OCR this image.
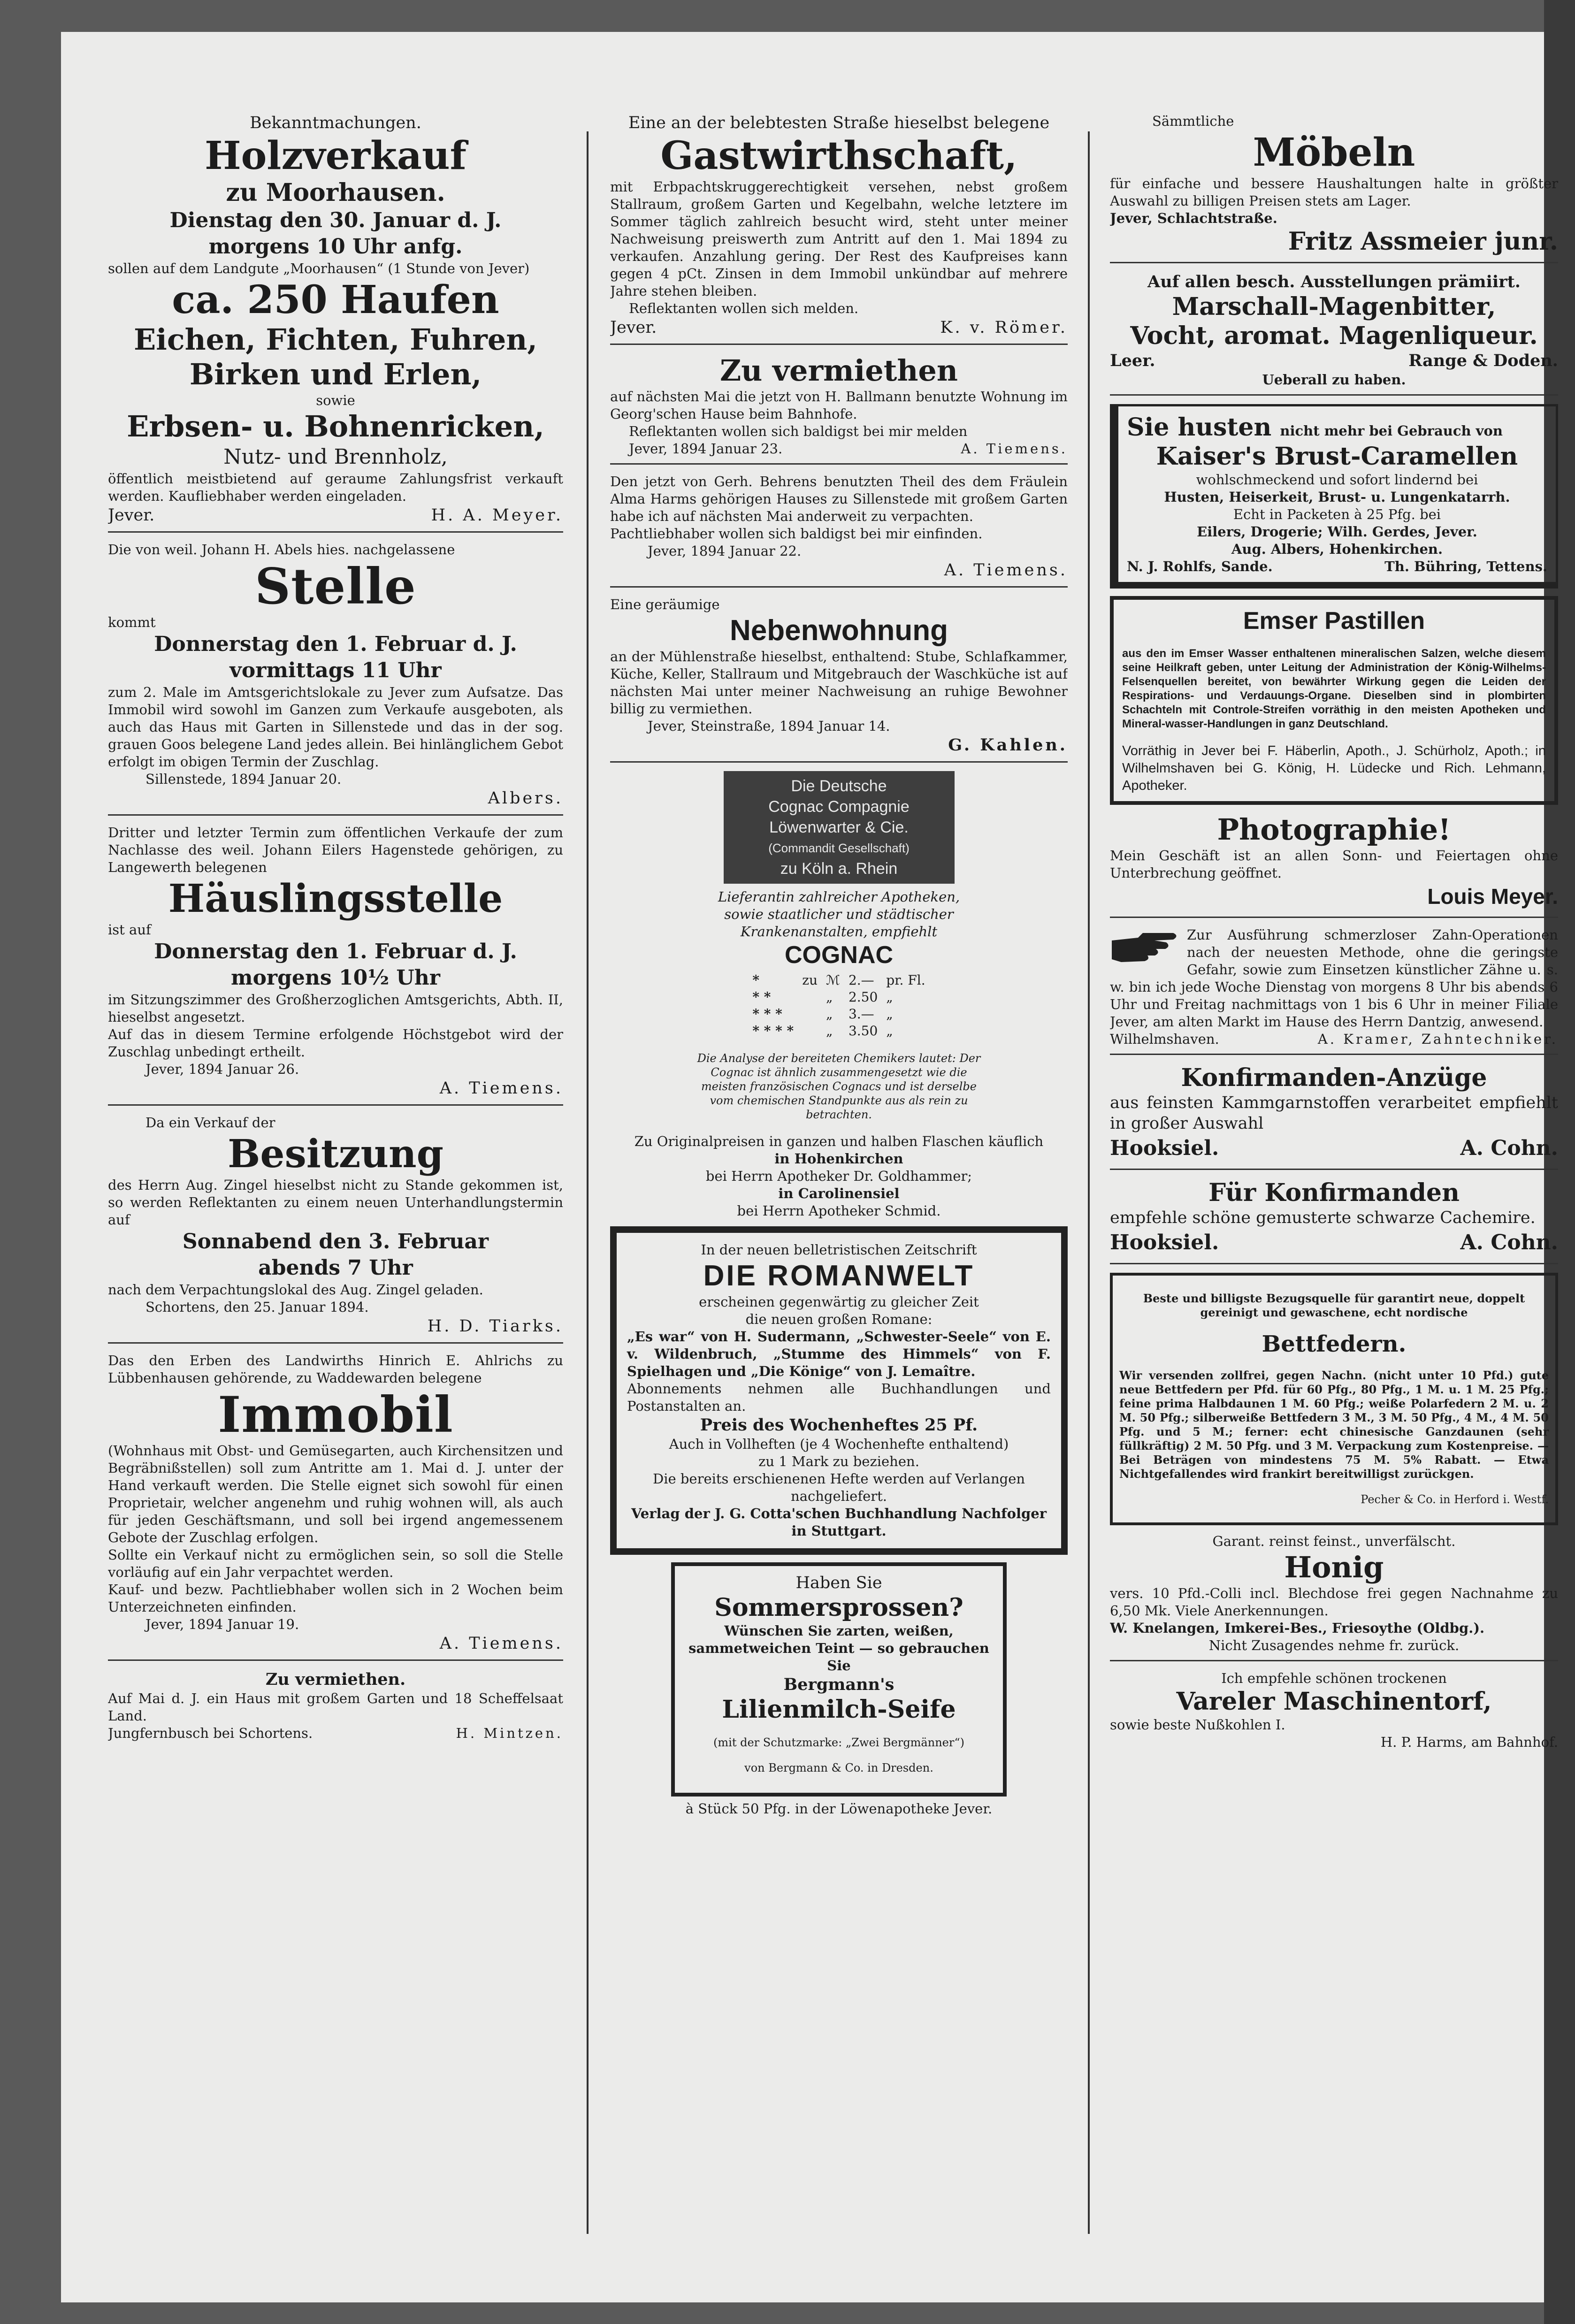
Bekanntmachungen.

Holzverkauf

zu Moorhausen.

Dienstag den 30. Januar d. J.

morgens 10 Uhr anfg.

sollen auf dem Landgute „Moorhausen“ (1 Stunde von Jever)

ca. 250 Haufen

Eichen, Fichten, Fuhren,

Birken und Erlen,

sowie

Erbsen- u. Bohnenricken,

Nutz- und Brennholz,

öffentlich meistbietend auf geraume Zahlungsfrist verkauft werden. Kaufliebhaber werden eingeladen.

Jever.	H. A. Meyer.

Die von weil. Johann H. Abels hies. nachgelassene

Stelle

kommt

Donnerstag den 1. Februar d. J.

vormittags 11 Uhr

zum 2. Male im Amtsgerichtslokale zu Jever zum Aufsatze. Das Immobil wird sowohl im Ganzen zum Verkaufe ausgeboten, als auch das Haus mit Garten in Sillenstede und das in der sog. grauen Goos belegene Land jedes allein. Bei hinlänglichem Gebot erfolgt im obigen Termin der Zuschlag.

Sillenstede, 1894 Januar 20.

Albers.

Dritter und letzter Termin zum öffentlichen Verkaufe der zum Nachlasse des weil. Johann Eilers Hagenstede gehörigen, zu Langewerth belegenen

Häuslingsstelle

ist auf

Donnerstag den 1. Februar d. J.

morgens 10½ Uhr

im Sitzungszimmer des Großherzoglichen Amtsgerichts, Abth. II, hieselbst angesetzt.

Auf das in diesem Termine erfolgende Höchstgebot wird der Zuschlag unbedingt ertheilt.

Jever, 1894 Januar 26.

A. Tiemens.

Da ein Verkauf der

Besitzung

des Herrn Aug. Zingel hieselbst nicht zu Stande gekommen ist, so werden Reflektanten zu einem neuen Unterhandlungstermin auf

Sonnabend den 3. Februar

abends 7 Uhr

nach dem Verpachtungslokal des Aug. Zingel geladen.

Schortens, den 25. Januar 1894.

H. D. Tiarks.

Das den Erben des Landwirths Hinrich E. Ahlrichs zu Lübbenhausen gehörende, zu Waddewarden belegene

Immobil

(Wohnhaus mit Obst- und Gemüsegarten, auch Kirchensitzen und Begräbnißstellen) soll zum Antritte am 1. Mai d. J. unter der Hand verkauft werden. Die Stelle eignet sich sowohl für einen Proprietair, welcher angenehm und ruhig wohnen will, als auch für jeden Geschäftsmann, und soll bei irgend angemessenem Gebote der Zuschlag erfolgen.

Sollte ein Verkauf nicht zu ermöglichen sein, so soll die Stelle vorläufig auf ein Jahr verpachtet werden.

Kauf- und bezw. Pachtliebhaber wollen sich in 2 Wochen beim Unterzeichneten einfinden.

Jever, 1894 Januar 19.

A. Tiemens.

Zu vermiethen.

Auf Mai d. J. ein Haus mit großem Garten und 18 Scheffelsaat Land.

Jungfernbusch bei Schortens.	H. Mintzen.

Eine an der belebtesten Straße hieselbst belegene

Gastwirthschaft,

mit Erbpachtskruggerechtigkeit versehen, nebst großem Stallraum, großem Garten und Kegelbahn, welche letztere im Sommer täglich zahlreich besucht wird, steht unter meiner Nachweisung preiswerth zum Antritt auf den 1. Mai 1894 zu verkaufen. Anzahlung gering. Der Rest des Kaufpreises kann gegen 4 pCt. Zinsen in dem Immobil unkündbar auf mehrere Jahre stehen bleiben.

Reflektanten wollen sich melden.

Jever.	K. v. Römer.

Zu vermiethen

auf nächsten Mai die jetzt von H. Ballmann benutzte Wohnung im Georg'schen Hause beim Bahnhofe.

Reflektanten wollen sich baldigst bei mir melden

Jever, 1894 Januar 23.	A. Tiemens.

Den jetzt von Gerh. Behrens benutzten Theil des dem Fräulein Alma Harms gehörigen Hauses zu Sillenstede mit großem Garten habe ich auf nächsten Mai anderweit zu verpachten.

Pachtliebhaber wollen sich baldigst bei mir einfinden.

Jever, 1894 Januar 22.

A. Tiemens.

Eine geräumige

Nebenwohnung

an der Mühlenstraße hieselbst, enthaltend: Stube, Schlafkammer, Küche, Keller, Stallraum und Mitgebrauch der Waschküche ist auf nächsten Mai unter meiner Nachweisung an ruhige Bewohner billig zu vermiethen.

Jever, Steinstraße, 1894 Januar 14.

G. Kahlen.

Die Deutsche
Cognac Compagnie
Löwenwarter & Cie.
(Commandit Gesellschaft)
zu Köln a. Rhein

Lieferantin zahlreicher Apotheken,

sowie staatlicher und städtischer

Krankenanstalten, empfiehlt

COGNAC

*	zu	ℳ	2.—	pr. Fl.
* *		„	2.50	„
* * *		„	3.—	„
* * * *		„	3.50	„

Die Analyse der bereiteten Chemikers lautet: Der Cognac ist ähnlich zusammengesetzt wie die meisten französischen Cognacs und ist derselbe vom chemischen Standpunkte aus als rein zu betrachten.

Zu Originalpreisen in ganzen und halben Flaschen käuflich

in Hohenkirchen

bei Herrn Apotheker Dr. Goldhammer;

in Carolinensiel

bei Herrn Apotheker Schmid.

In der neuen belletristischen Zeitschrift

DIE ROMANWELT

erscheinen gegenwärtig zu gleicher Zeit

die neuen großen Romane:

„Es war“ von H. Sudermann, „Schwester-Seele“ von E. v. Wildenbruch, „Stumme des Himmels“ von F. Spielhagen und „Die Könige“ von J. Lemaître.

Abonnements nehmen alle Buchhandlungen und Postanstalten an.

Preis des Wochenheftes 25 Pf.

Auch in Vollheften (je 4 Wochenhefte enthaltend)

zu 1 Mark zu beziehen.

Die bereits erschienenen Hefte werden auf Verlangen nachgeliefert.

Verlag der J. G. Cotta'schen Buchhandlung Nachfolger in Stuttgart.

Haben Sie

Sommersprossen?

Wünschen Sie zarten, weißen, sammetweichen Teint — so gebrauchen Sie

Bergmann's

Lilienmilch-Seife

(mit der Schutzmarke: „Zwei Bergmänner“)

von Bergmann & Co. in Dresden.

à Stück 50 Pfg. in der Löwenapotheke Jever.

Sämmtliche

Möbeln

für einfache und bessere Haushaltungen halte in größter Auswahl zu billigen Preisen stets am Lager.

Jever, Schlachtstraße.

Fritz Assmeier junr.

Auf allen besch. Ausstellungen prämiirt.

Marschall-Magenbitter,

Vocht, aromat. Magenliqueur.

Leer.	Range & Doden.

Ueberall zu haben.

Sie husten nicht mehr bei Gebrauch von

Kaiser's Brust-Caramellen

wohlschmeckend und sofort lindernd bei

Husten, Heiserkeit, Brust- u. Lungenkatarrh.

Echt in Packeten à 25 Pfg. bei

Eilers, Drogerie; Wilh. Gerdes, Jever.

Aug. Albers, Hohenkirchen.

N. J. Rohlfs, Sande.	Th. Bühring, Tettens.

Emser Pastillen

aus den im Emser Wasser enthaltenen mineralischen Salzen, welche diesem seine Heilkraft geben, unter Leitung der Administration der König-Wilhelms-Felsenquellen bereitet, von bewährter Wirkung gegen die Leiden der Respirations- und Verdauungs-Organe. Dieselben sind in plombirten Schachteln mit Controle-Streifen vorräthig in den meisten Apotheken und Mineral-wasser-Handlungen in ganz Deutschland.

Vorräthig in Jever bei F. Häberlin, Apoth., J. Schürholz, Apoth.; in Wilhelmshaven bei G. König, H. Lüdecke und Rich. Lehmann, Apotheker.

Photographie!

Mein Geschäft ist an allen Sonn- und Feiertagen ohne Unterbrechung geöffnet.

Louis Meyer.

Zur Ausführung schmerzloser Zahn-Operationen nach der neuesten Methode, ohne die geringste Gefahr, sowie zum Einsetzen künstlicher Zähne u. s. w. bin ich jede Woche Dienstag von morgens 8 Uhr bis abends 6 Uhr und Freitag nachmittags von 1 bis 6 Uhr in meiner Filiale Jever, am alten Markt im Hause des Herrn Dantzig, anwesend.

Wilhelmshaven.	A. Kramer, Zahntechniker.

Konfirmanden-Anzüge

aus feinsten Kammgarnstoffen verarbeitet empfiehlt in großer Auswahl

Hooksiel.	A. Cohn.

Für Konfirmanden

empfehle schöne gemusterte schwarze Cachemire.

Hooksiel.	A. Cohn.

Beste und billigste Bezugsquelle für garantirt neue, doppelt gereinigt und gewaschene, echt nordische

Bettfedern.

Wir versenden zollfrei, gegen Nachn. (nicht unter 10 Pfd.) gute neue Bettfedern per Pfd. für 60 Pfg., 80 Pfg., 1 M. u. 1 M. 25 Pfg.; feine prima Halbdaunen 1 M. 60 Pfg.; weiße Polarfedern 2 M. u. 2 M. 50 Pfg.; silberweiße Bettfedern 3 M., 3 M. 50 Pfg., 4 M., 4 M. 50 Pfg. und 5 M.; ferner: echt chinesische Ganzdaunen (sehr füllkräftig) 2 M. 50 Pfg. und 3 M. Verpackung zum Kostenpreise. — Bei Beträgen von mindestens 75 M. 5% Rabatt. — Etwa Nichtgefallendes wird frankirt bereitwilligst zurückgen.

Pecher & Co. in Herford i. Westf.

Garant. reinst feinst., unverfälscht.

Honig

vers. 10 Pfd.-Colli incl. Blechdose frei gegen Nachnahme zu 6,50 Mk. Viele Anerkennungen.

W. Knelangen, Imkerei-Bes., Friesoythe (Oldbg.).

Nicht Zusagendes nehme fr. zurück.

Ich empfehle schönen trockenen

Vareler Maschinentorf,

sowie beste Nußkohlen I.

H. P. Harms, am Bahnhof.
